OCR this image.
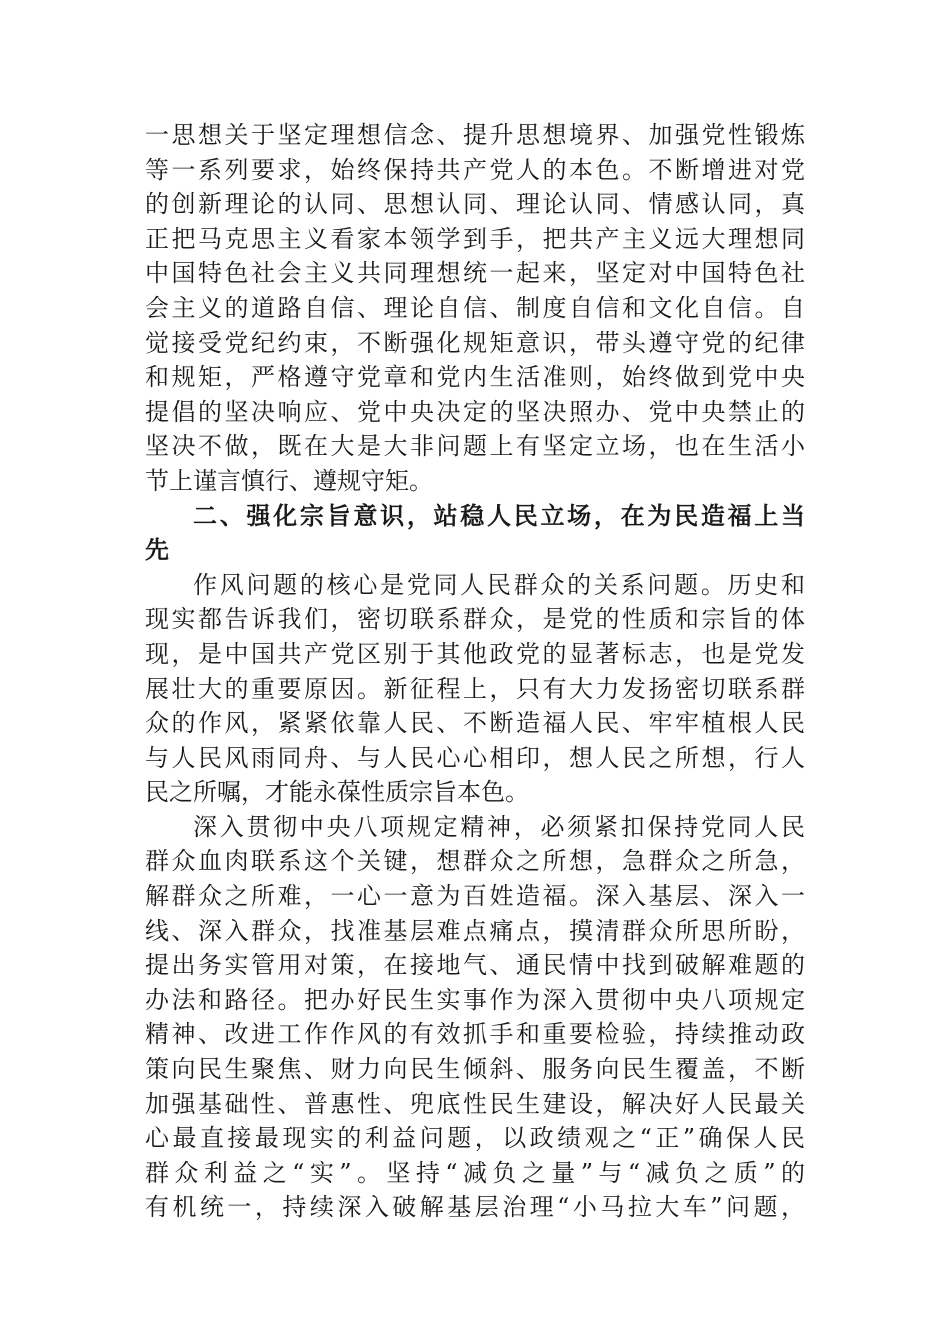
一思想关于坚定理想信念、提升思想境界、加强党性锻炼
等一系列要求，始终保持共产党人的本色。不断增进对党
的创新理论的认同、思想认同、理论认同、情感认同，真
正把马克思主义看家本领学到手，把共产主义远大理想同
中国特色社会主义共同理想统一起来，坚定对中国特色社
会主义的道路自信、理论自信、制度自信和文化自信。自
觉接受党纪约束，不断强化规矩意识，带头遵守党的纪律
和规矩，严格遵守党章和党内生活准则，始终做到党中央
提倡的坚决响应、党中央决定的坚决照办、党中央禁止的
坚决不做，既在大是大非问题上有坚定立场，也在生活小
节上谨言慎行、遵规守矩。
二、强化宗旨意识，站稳人民立场，在为民造福上当
先
作风问题的核心是党同人民群众的关系问题。历史和
现实都告诉我们，密切联系群众，是党的性质和宗旨的体
现，是中国共产党区别于其他政党的显著标志，也是党发
展壮大的重要原因。新征程上，只有大力发扬密切联系群
众的作风，紧紧依靠人民、不断造福人民、牢牢植根人民
与人民风雨同舟、与人民心心相印，想人民之所想，行人
民之所嘱，才能永葆性质宗旨本色。
深入贯彻中央八项规定精神，必须紧扣保持党同人民
群众血肉联系这个关键，想群众之所想，急群众之所急，
解群众之所难，一心一意为百姓造福。深入基层、深入一
线、深入群众，找准基层难点痛点，摸清群众所思所盼，
提出务实管用对策，在接地气、通民情中找到破解难题的
办法和路径。把办好民生实事作为深入贯彻中央八项规定
精神、改进工作作风的有效抓手和重要检验，持续推动政
策向民生聚焦、财力向民生倾斜、服务向民生覆盖，不断
加强基础性、普惠性、兜底性民生建设，解决好人民最关
心最直接最现实的利益问题，以政绩观之“正”确保人民
群众利益之“实”。坚持“减负之量”与“减负之质”的
有机统一，持续深入破解基层治理“小马拉大车”问题，
